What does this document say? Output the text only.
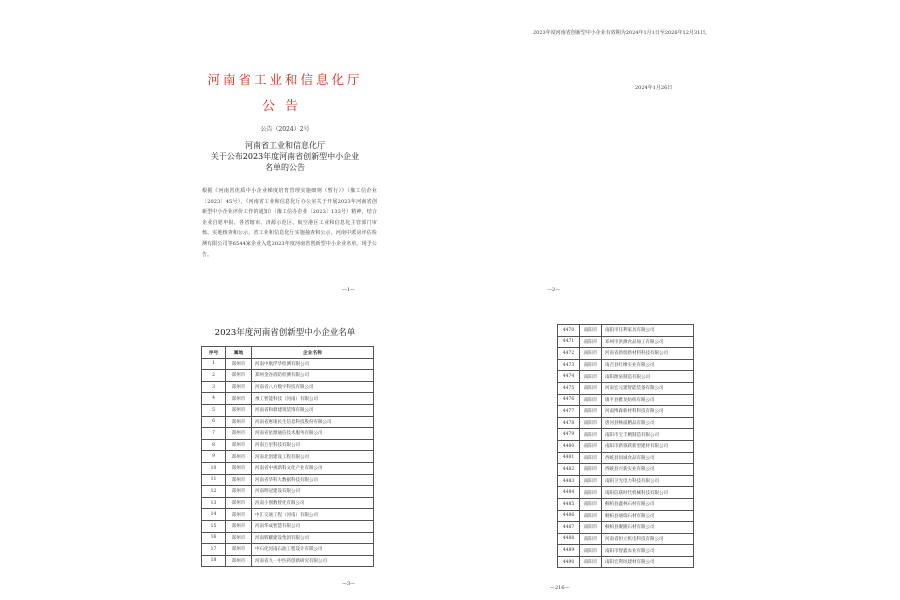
河南省工业和信息化厅
公告
公告（2024）2号
河南省工业和信息化厅
关于公布2023年度河南省创新型中小企业
名单的公告
根据《河南省优质中小企业梯度培育管理实施细则（暂行）》（豫工信企业〔2023〕45号）、《河南省工业和信息化厅办公室关于开展2023年河南省创新型中小企业评价工作的通知》（豫工信办企业〔2023〕133号）精神，结合企业自愿申报、各省辖市、济源示范区、航空港区工业和信息化主管部门审核、实地核查和公示，省工业和信息化厅实施抽查和公示，河南中派房评估检测有限公司等6544家企业入选2023年度河南省创新型中小企业名单。现予公告。
—1—
2023年度河南省创新型中小企业有效期为2024年1月1日至2026年12月31日。
2024年1月26日
—2—
2023年度河南省创新型中小企业名单
序号	属地	企业名称
1	郑州市	河南中航浮华检测有限公司
2	郑州市	郑州金谷消防检测有限公司
3	郑州市	河南省八方数字科技有限公司
4	郑州市	豫工智能科技（河南）有限公司
5	郑州市	河南省和鼎建筑装饰有限公司
6	郑州市	河南省惠康民生信息科技股份有限公司
7	郑州市	河南省星源通信技术服务有限公司
8	郑州市	河南万里科技有限公司
9	郑州市	河南北创建设工程有限公司
10	郑州市	河南省中视新科文化产业有限公司
11	郑州市	河南省华科大数据科技有限公司
12	郑州市	河南明冠建设有限公司
13	郑州市	河南小图数智化有限公司
14	郑州市	中汇交通工程（河南）有限公司
15	郑州市	河南华成智慧有限公司
16	郑州市	河南辉耀建设集团有限公司
17	郑州市	中石化河南石油工程设计有限公司
18	郑州市	河南省九一中医药创新研究有限公司
—3—
4470	南阳市	南阳市任利家具有限公司
4471	南阳市	邓州市洪源食品加工有限公司
4472	南阳市	河南省新瑞新材料科技有限公司
4473	南阳市	南召县红橡实业有限公司
4474	南阳市	南阳源泉制造有限公司
4475	南阳市	河南宏元建智能装备有限公司
4476	南阳市	镇平县雅龙纺织有限公司
4477	南阳市	河南博森新材料科技有限公司
4478	南阳市	唐河县畅晟精品有限公司
4479	南阳市	南阳市宝丰精制造有限公司
4480	南阳市	南阳市新领跃新型建材有限公司
4481	南阳市	西峡县同诚食品有限公司
4482	南阳市	西峡县兴新实业有限公司
4483	南阳市	南阳卫光电力科技有限公司
4484	南阳市	南阳信联时代机械科技有限公司
4485	南阳市	桐柏县鑫林石材有限公司
4486	南阳市	桐柏县通瑞石材有限公司
4487	南阳市	桐柏县聚隆石材有限公司
4488	南阳市	河南省恒立机电科技有限公司
4489	南阳市	南阳市智鑫农业有限公司
4490	南阳市	南阳宏利风建材有限公司
—216—
